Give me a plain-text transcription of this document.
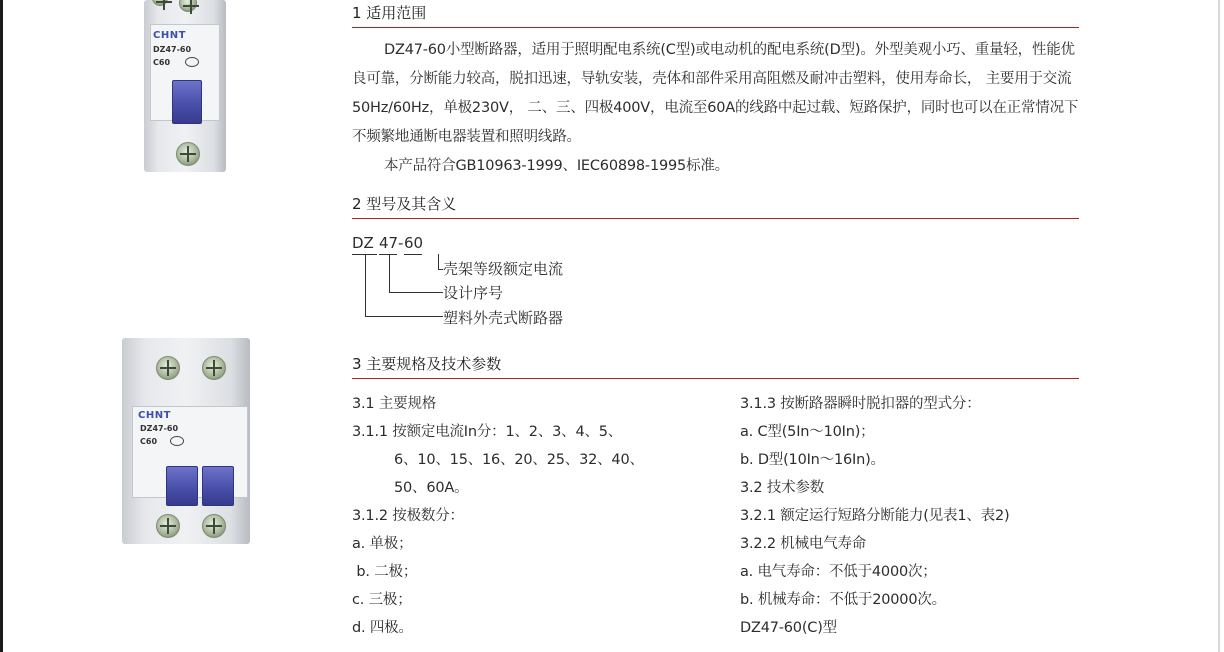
CHNT
DZ47-60
C60
CHNT
DZ47-60
C60
1 适用范围

DZ47-60小型断路器，适用于照明配电系统(C型)或电动机的配电系统(D型)。外型美观小巧、重量轻，性能优良可靠，分断能力较高，脱扣迅速，导轨安装，壳体和部件采用高阻燃及耐冲击塑料，使用寿命长， 主要用于交流50Hz/60Hz，单极230V， 二、三、四极400V，电流至60A的线路中起过载、短路保护，同时也可以在正常情况下不频繁地通断电器装置和照明线路。

本产品符合GB10963-1999、IEC60898-1995标准。

2 型号及其含义
DZ 47 - 60
壳架等级额定电流
设计序号
塑料外壳式断路器
3 主要规格及技术参数
3.1 主要规格
3.1.1 按额定电流In分：1、2、3、4、5、
6、10、15、16、20、25、32、40、
50、60A。
3.1.2 按极数分：
a. 单极；
b. 二极；
c. 三极；
d. 四极。
3.1.3 按断路器瞬时脱扣器的型式分：
a. C型(5In～10In)；
b. D型(10In～16In)。
3.2 技术参数
3.2.1 额定运行短路分断能力(见表1、表2)
3.2.2 机械电气寿命
a. 电气寿命：不低于4000次；
b. 机械寿命：不低于20000次。
DZ47-60(C)型
